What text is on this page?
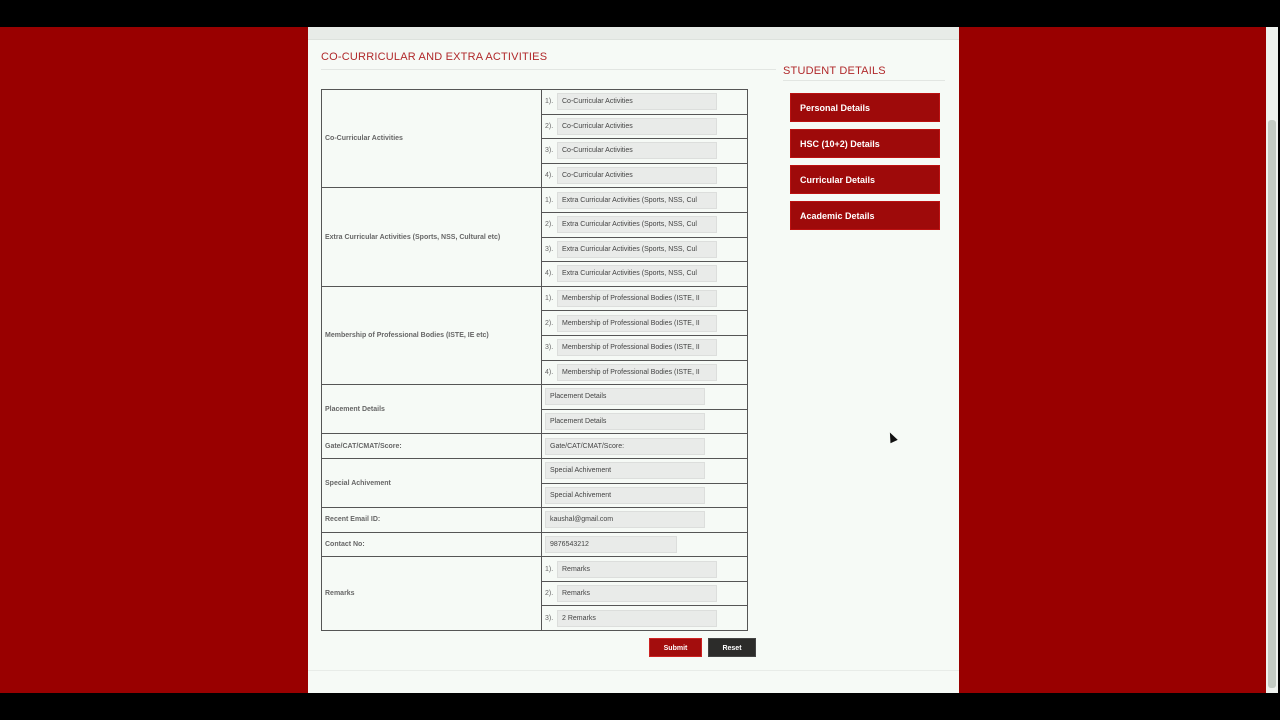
CO-CURRICULAR AND EXTRA ACTIVITIES
STUDENT DETAILS
Personal Details
HSC (10+2) Details
Curricular Details
Academic Details
Co-Curricular Activities	1). Co-Curricular Activities
	2). Co-Curricular Activities
	3). Co-Curricular Activities
	4). Co-Curricular Activities
Extra Curricular Activities (Sports, NSS, Cultural etc)	1). Extra Curricular Activities (Sports, NSS, Cul
	2). Extra Curricular Activities (Sports, NSS, Cul
	3). Extra Curricular Activities (Sports, NSS, Cul
	4). Extra Curricular Activities (Sports, NSS, Cul
Membership of Professional Bodies (ISTE, IE etc)	1). Membership of Professional Bodies (ISTE, II
	2). Membership of Professional Bodies (ISTE, II
	3). Membership of Professional Bodies (ISTE, II
	4). Membership of Professional Bodies (ISTE, II
Placement Details	Placement Details
	Placement Details
Gate/CAT/CMAT/Score:	Gate/CAT/CMAT/Score:
Special Achivement	Special Achivement
	Special Achivement
Recent Email ID:	kaushal@gmail.com
Contact No:	9876543212
Remarks	1). Remarks
	2). Remarks
	3). 2 Remarks
Submit	Reset
